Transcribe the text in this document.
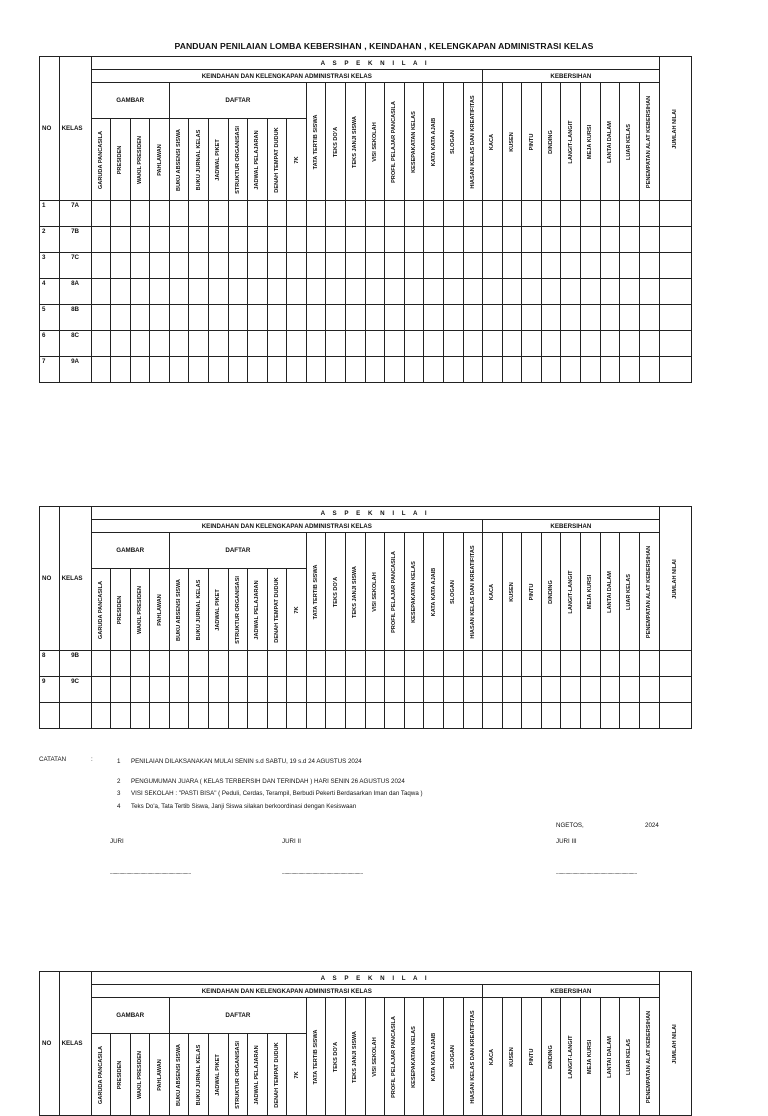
PANDUAN PENILAIAN LOMBA KEBERSIHAN , KEINDAHAN , KELENGKAPAN ADMINISTRASI KELAS
NO	KELAS	A S P E K N I L A I																													JUMLAH NILAI

		KEINDAHAN DAN KELENGKAPAN ADMINISTRASI KELAS																				KEBERSIHAN									
		GAMBAR				DAFTAR							TATA TERTIB SISWA	TEKS DO'A	TEKS JANJI SISWA	VISI SEKOLAH	PROFIL PELAJAR PANCASILA	KESEPAKATAN KELAS	KATA KATA AJAIB	SLOGAN	HIASAN KELAS DAN KREATIFITAS	KACA	KUSEN	PINTU	DINDING	LANGIT-LANGIT	MEJA KURSI	LANTAI DALAM	LUAR KELAS	PENEMPATAN ALAT KEBERSIHAN	

		GARUDA PANCASILA	PRESIDEN	WAKIL PRESIDEN	PAHLAWAN	BUKU ABSENSI SISWA	BUKU JURNAL KELAS	JADWAL PIKET	STRUKTUR ORGANISASI	JADWAL PELAJARAN	DENAH TEMPAT DUDUK	7K																			

1	7A																														
2	7B																														
3	7C																														
4	8A																														
5	8B																														
6	8C																														
7	9A																														
NO	KELAS	A S P E K N I L A I																													JUMLAH NILAI

		KEINDAHAN DAN KELENGKAPAN ADMINISTRASI KELAS																				KEBERSIHAN									
		GAMBAR				DAFTAR							TATA TERTIB SISWA	TEKS DO'A	TEKS JANJI SISWA	VISI SEKOLAH	PROFIL PELAJAR PANCASILA	KESEPAKATAN KELAS	KATA KATA AJAIB	SLOGAN	HIASAN KELAS DAN KREATIFITAS	KACA	KUSEN	PINTU	DINDING	LANGIT-LANGIT	MEJA KURSI	LANTAI DALAM	LUAR KELAS	PENEMPATAN ALAT KEBERSIHAN	

		GARUDA PANCASILA	PRESIDEN	WAKIL PRESIDEN	PAHLAWAN	BUKU ABSENSI SISWA	BUKU JURNAL KELAS	JADWAL PIKET	STRUKTUR ORGANISASI	JADWAL PELAJARAN	DENAH TEMPAT DUDUK	7K																			

8	9B																														
9	9C																														

NO	KELAS	A S P E K N I L A I																													JUMLAH NILAI

		KEINDAHAN DAN KELENGKAPAN ADMINISTRASI KELAS																				KEBERSIHAN									
		GAMBAR				DAFTAR							TATA TERTIB SISWA	TEKS DO'A	TEKS JANJI SISWA	VISI SEKOLAH	PROFIL PELAJAR PANCASILA	KESEPAKATAN KELAS	KATA KATA AJAIB	SLOGAN	HIASAN KELAS DAN KREATIFITAS	KACA	KUSEN	PINTU	DINDING	LANGIT-LANGIT	MEJA KURSI	LANTAI DALAM	LUAR KELAS	PENEMPATAN ALAT KEBERSIHAN	

		GARUDA PANCASILA	PRESIDEN	WAKIL PRESIDEN	PAHLAWAN	BUKU ABSENSI SISWA	BUKU JURNAL KELAS	JADWAL PIKET	STRUKTUR ORGANISASI	JADWAL PELAJARAN	DENAH TEMPAT DUDUK	7K																			
CATATAN	:	1 PENILAIAN DILAKSANAKAN MULAI SENIN s.d SABTU, 19 s.d 24 AGUSTUS 2024
2 PENGUMUMAN JUARA ( KELAS TERBERSIH DAN TERINDAH ) HARI SENIN 26 AGUSTUS 2024
3 VISI SEKOLAH : "PASTI BISA" ( Peduli, Cerdas, Terampil, Berbudi Pekerti Berdasarkan Iman dan Taqwa )
4 Teks Do'a, Tata Tertib Siswa, Janji Siswa silakan berkoordinasi dengan Kesiswaan
NGETOS,	2024
JURI	JURI II	JURI III
.....................................................................	.....................................................................	.....................................................................
